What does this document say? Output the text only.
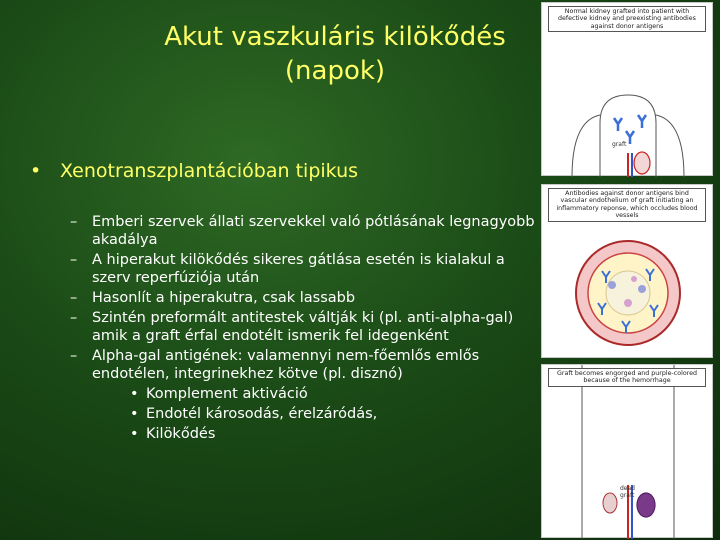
Akut vaszkuláris kilökődés
(napok)
• Xenotranszplantációban tipikus
– Emberi szervek állati szervekkel való pótlásának legnagyobb akadálya
– A hiperakut kilökődés sikeres gátlása esetén is kialakul a szerv reperfúziója után
– Hasonlít a hiperakutra, csak lassabb
– Szintén preformált antitestek váltják ki (pl. anti-alpha-gal) amik a graft érfal endotélt ismerik fel idegenként
– Alpha-gal antigének: valamennyi nem-főemlős emlős endotélen, integrinekhez kötve (pl. disznó)
• Komplement aktiváció
• Endotél károsodás, érelzáródás,
• Kilökődés
Normal kidney grafted into patient with defective kidney and preexisting antibodies against donor antigens
graft
Antibodies against donor antigens bind vascular endothelium of graft initiating an inflammatory reponse, which occludes blood vessels
Graft becomes engorged and purple-colored because of the hemorrhage
dead graft
